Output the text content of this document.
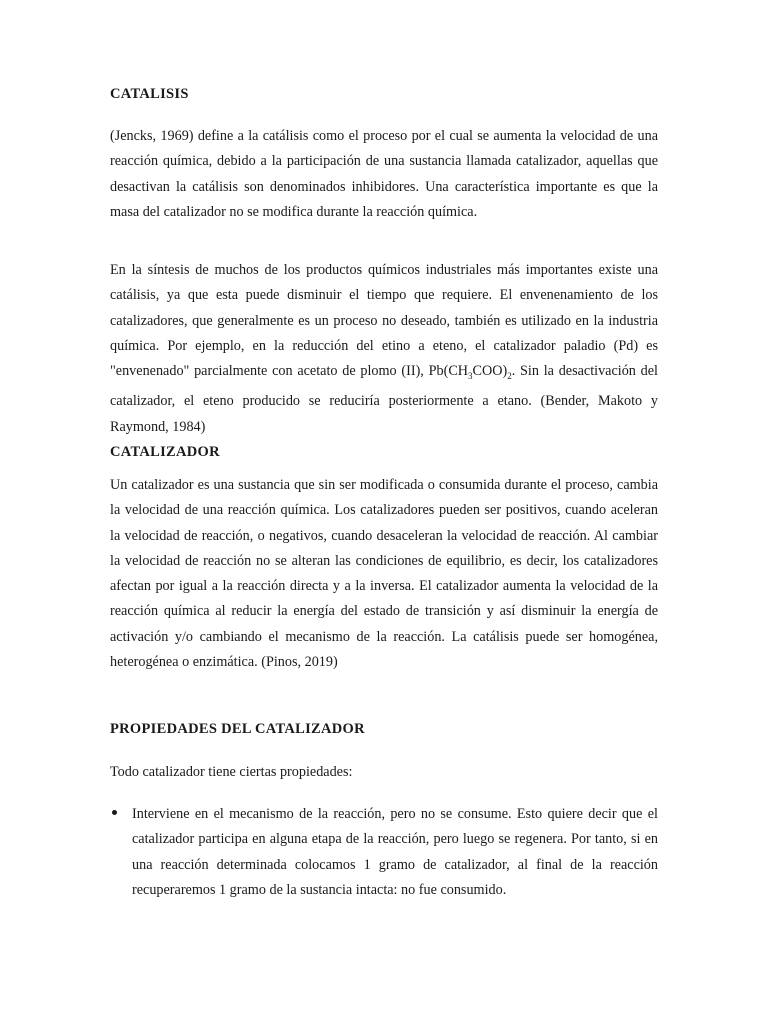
CATALISIS

(Jencks, 1969) define a la catálisis como el proceso por el cual se aumenta la velocidad de una reacción química, debido a la participación de una sustancia llamada catalizador, aquellas que desactivan la catálisis son denominados inhibidores. Una característica importante es que la masa del catalizador no se modifica durante la reacción química.

En la síntesis de muchos de los productos químicos industriales más importantes existe una catálisis, ya que esta puede disminuir el tiempo que requiere. El envenenamiento de los catalizadores, que generalmente es un proceso no deseado, también es utilizado en la industria química. Por ejemplo, en la reducción del etino a eteno, el catalizador paladio (Pd) es "envenenado" parcialmente con acetato de plomo (II), $Pb(CH_3COO)_2$. Sin la desactivación del catalizador, el eteno producido se reduciría posteriormente a etano. (Bender, Makoto y Raymond, 1984)

CATALIZADOR

Un catalizador es una sustancia que sin ser modificada o consumida durante el proceso, cambia la velocidad de una reacción química. Los catalizadores pueden ser positivos, cuando aceleran la velocidad de reacción, o negativos, cuando desaceleran la velocidad de reacción. Al cambiar la velocidad de reacción no se alteran las condiciones de equilibrio, es decir, los catalizadores afectan por igual a la reacción directa y a la inversa. El catalizador aumenta la velocidad de la reacción química al reducir la energía del estado de transición y así disminuir la energía de activación y/o cambiando el mecanismo de la reacción. La catálisis puede ser homogénea, heterogénea o enzimática. (Pinos, 2019)

PROPIEDADES DEL CATALIZADOR
Todo catalizador tiene ciertas propiedades:

Interviene en el mecanismo de la reacción, pero no se consume. Esto quiere decir que el catalizador participa en alguna etapa de la reacción, pero luego se regenera. Por tanto, si en una reacción determinada colocamos 1 gramo de catalizador, al final de la reacción recuperaremos 1 gramo de la sustancia intacta: no fue consumido.
